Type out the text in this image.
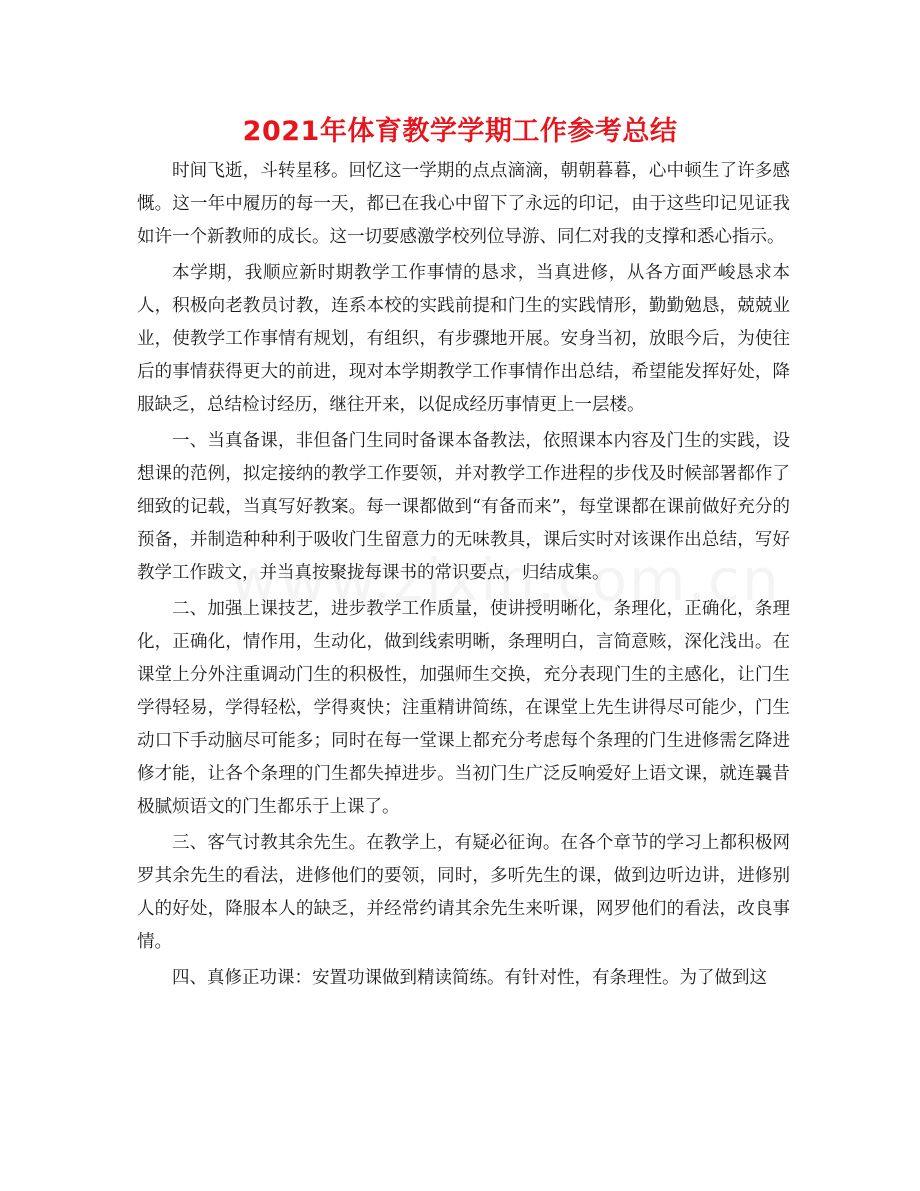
2021年体育教学学期工作参考总结

时间飞逝，斗转星移。回忆这一学期的点点滴滴，朝朝暮暮，心中顿生了许多感慨。这一年中履历的每一天，都已在我心中留下了永远的印记，由于这些印记见证我如许一个新教师的成长。这一切要感激学校列位导游、同仁对我的支撑和悉心指示。

本学期，我顺应新时期教学工作事情的恳求，当真进修，从各方面严峻恳求本人，积极向老教员讨教，连系本校的实践前提和门生的实践情形，勤勤勉恳，兢兢业业，使教学工作事情有规划，有组织，有步骤地开展。安身当初，放眼今后，为使往后的事情获得更大的前进，现对本学期教学工作事情作出总结，希望能发挥好处，降服缺乏，总结检讨经历，继往开来，以促成经历事情更上一层楼。

一、当真备课，非但备门生同时备课本备教法，依照课本内容及门生的实践，设想课的范例，拟定接纳的教学工作要领，并对教学工作进程的步伐及时候部署都作了细致的记载，当真写好教案。每一课都做到“有备而来”，每堂课都在课前做好充分的预备，并制造种种利于吸收门生留意力的无味教具，课后实时对该课作出总结，写好教学工作跋文，并当真按聚拢每课书的常识要点，归结成集。

二、加强上课技艺，进步教学工作质量，使讲授明晰化，条理化，正确化，条理化，正确化，情作用，生动化，做到线索明晰，条理明白，言简意赅，深化浅出。在课堂上分外注重调动门生的积极性，加强师生交换，充分表现门生的主感化，让门生学得轻易，学得轻松，学得爽快；注重精讲简练，在课堂上先生讲得尽可能少，门生动口下手动脑尽可能多；同时在每一堂课上都充分考虑每个条理的门生进修需乞降进修才能，让各个条理的门生都失掉进步。当初门生广泛反响爱好上语文课，就连曩昔极腻烦语文的门生都乐于上课了。

三、客气讨教其余先生。在教学上，有疑必征询。在各个章节的学习上都积极网罗其余先生的看法，进修他们的要领，同时，多听先生的课，做到边听边讲，进修别人的好处，降服本人的缺乏，并经常约请其余先生来听课，网罗他们的看法，改良事情。

四、真修正功课：安置功课做到精读简练。有针对性，有条理性。为了做到这
